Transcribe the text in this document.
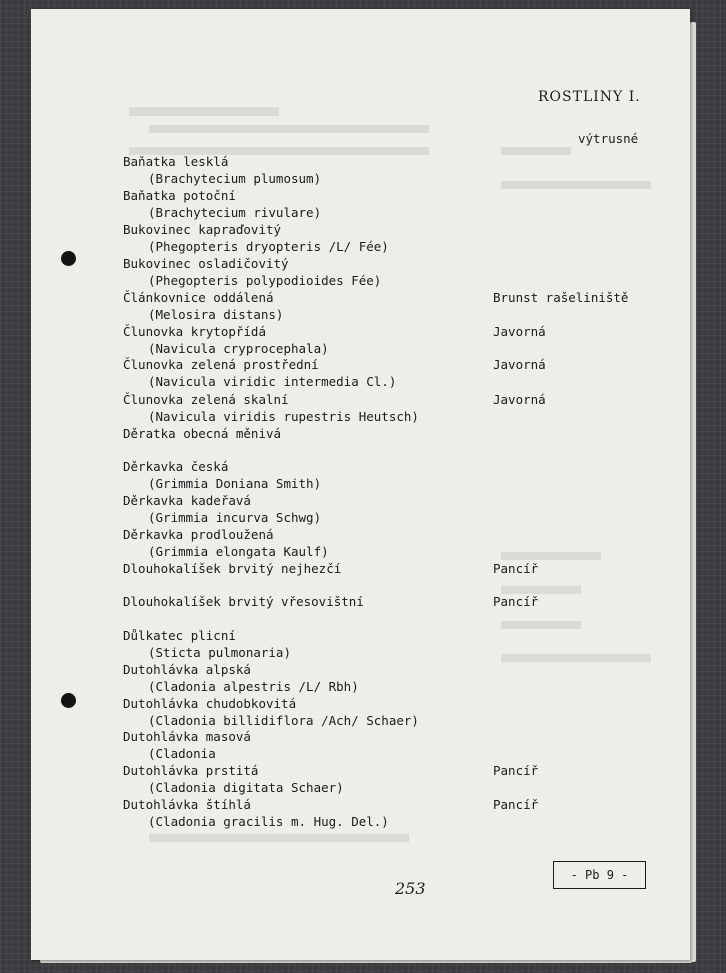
ROSTLINY I.
výtrusné
Baňatka lesklá
(Brachytecium plumosum)
Baňatka potoční
(Brachytecium rivulare)
Bukovinec kapraďovitý
(Phegopteris dryopteris /L/ Fée)
Bukovinec osladičovitý
(Phegopteris polypodioides Fée)
Článkovnice oddálená
(Melosira distans)
Brunst rašeliniště
Člunovka krytopřídá
(Navicula cryprocephala)
Javorná
Člunovka zelená prostřední
(Navicula viridic intermedia Cl.)
Javorná
Člunovka zelená skalní
(Navicula viridis rupestris Heutsch)
Javorná
Děratka obecná měnivá
Děrkavka česká
(Grimmia Doniana Smith)
Děrkavka kadeřavá
(Grimmia incurva Schwg)
Děrkavka prodloužená
(Grimmia elongata Kaulf)
Dlouhokalíšek brvitý nejhezčí	Pancíř
Dlouhokalíšek brvitý vřesovištní	Pancíř
Důlkatec plicní
(Sticta pulmonaria)
Dutohlávka alpská
(Cladonia alpestris /L/ Rbh)
Dutohlávka chudobkovitá
(Cladonia billidiflora /Ach/ Schaer)
Dutohlávka masová
(Cladonia
Dutohlávka prstitá
(Cladonia digitata Schaer)
Pancíř
Dutohlávka štíhlá
(Cladonia gracilis m. Hug. Del.)
Pancíř
253
- Pb 9 -
